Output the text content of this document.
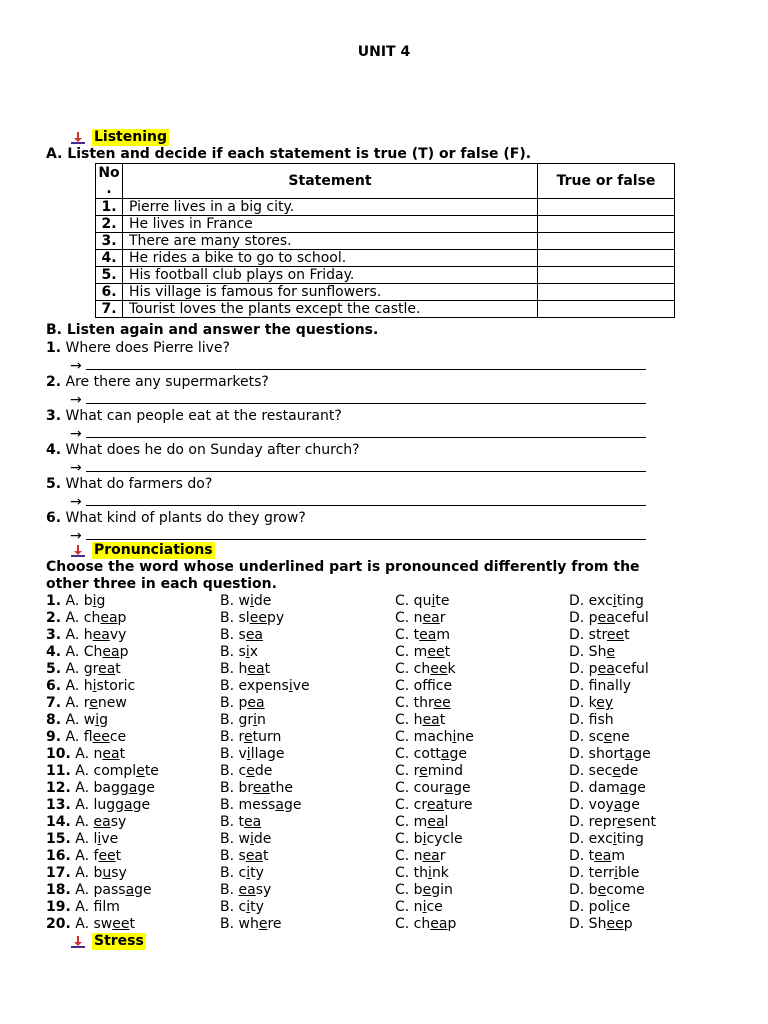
UNIT 4
Listening
A. Listen and decide if each statement is true (T) or false (F).
No
.	Statement	True or false
1.	Pierre lives in a big city.	
2.	He lives in France	
3.	There are many stores.	
4.	He rides a bike to go to school.	
5.	His football club plays on Friday.	
6.	His village is famous for sunflowers.	
7.	Tourist loves the plants except the castle.	
B. Listen again and answer the questions.
1. Where does Pierre live?
→
2. Are there any supermarkets?
→
3. What can people eat at the restaurant?
→
4. What does he do on Sunday after church?
→
5. What do farmers do?
→
6. What kind of plants do they grow?
→
Pronunciations
Choose the word whose underlined part is pronounced differently from the
other three in each question.
1. A. big	B. wide	C. quite	D. exciting
2. A. cheap	B. sleepy	C. near	D. peaceful
3. A. heavy	B. sea	C. team	D. street
4. A. Cheap	B. six	C. meet	D. She
5. A. great	B. heat	C. cheek	D. peaceful
6. A. historic	B. expensive	C. offce	D. fnally
7. A. renew	B. pea	C. three	D. key
8. A. wig	B. grin	C. heat	D. fsh
9. A. fleece	B. return	C. machine	D. scene
10. A. neat	B. village	C. cottage	D. shortage
11. A. complete	B. cede	C. remind	D. secede
12. A. baggage	B. breathe	C. courage	D. damage
13. A. luggage	B. message	C. creature	D. voyage
14. A. easy	B. tea	C. meal	D. represent
15. A. live	B. wide	C. bicycle	D. exciting
16. A. feet	B. seat	C. near	D. team
17. A. busy	B. city	C. think	D. terrible
18. A. passage	B. easy	C. begin	D. become
19. A. flm	B. city	C. nice	D. police
20. A. sweet	B. where	C. cheap	D. Sheep
Stress
